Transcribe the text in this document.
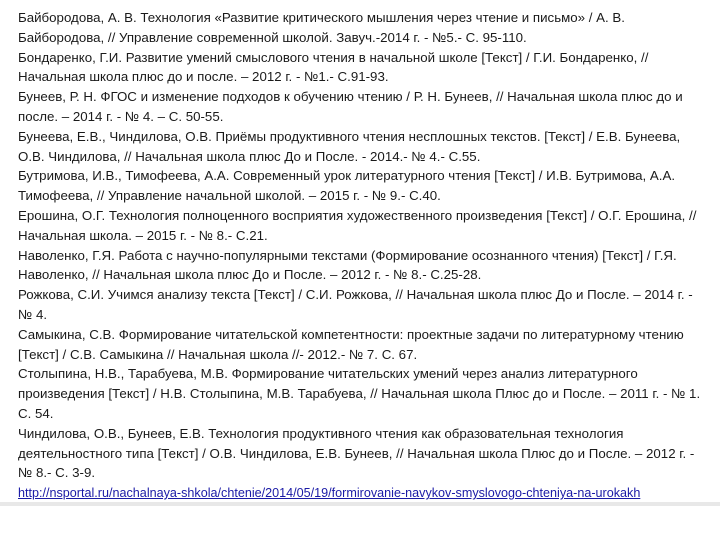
Байбородова, А. В. Технология «Развитие критического мышления через чтение и письмо» / А. В. Байбородова, // Управление современной школой. Завуч.-2014 г. - №5.- С. 95-110.

Бондаренко, Г.И. Развитие умений смыслового чтения в начальной школе [Текст] / Г.И. Бондаренко, // Начальная школа плюс до и после. – 2012 г. - №1.- С.91-93.

Бунеев, Р. Н. ФГОС и изменение подходов к обучению чтению / Р. Н. Бунеев, // Начальная школа плюс до и после. – 2014 г. - № 4. – С. 50-55.

Бунеева, Е.В., Чиндилова, О.В. Приёмы продуктивного чтения несплошных текстов. [Текст] / Е.В. Бунеева, О.В. Чиндилова, // Начальная школа плюс До и После. - 2014.- № 4.- С.55.

Бутримова, И.В., Тимофеева, А.А. Современный урок литературного чтения [Текст] / И.В. Бутримова, А.А. Тимофеева, // Управление начальной школой. – 2015 г. - № 9.- С.40.

Ерошина, О.Г. Технология полноценного восприятия художественного произведения [Текст] / О.Г. Ерошина, // Начальная школа. – 2015 г. - № 8.- С.21.

Наволенко, Г.Я. Работа с научно-популярными текстами (Формирование осознанного чтения) [Текст] / Г.Я. Наволенко, // Начальная школа плюс До и После. – 2012 г. - № 8.- С.25-28.

Рожкова, С.И. Учимся анализу текста [Текст] / С.И. Рожкова, // Начальная школа плюс До и После. – 2014 г. - № 4.

Самыкина, С.В. Формирование читательской компетентности: проектные задачи по литературному чтению [Текст] / С.В. Самыкина // Начальная школа //- 2012.- № 7. С. 67.

Столыпина, Н.В., Тарабуева, М.В. Формирование читательских умений через анализ литературного произведения [Текст] / Н.В. Столыпина, М.В. Тарабуева, // Начальная школа Плюс до и После. – 2011 г. - № 1. С. 54.

Чиндилова, О.В., Бунеев, Е.В. Технология продуктивного чтения как образовательная технология деятельностного типа [Текст] / О.В. Чиндилова, Е.В. Бунеев, // Начальная школа Плюс до и После. – 2012 г. - № 8.- С. 3-9.

http://nsportal.ru/nachalnaya-shkola/chtenie/2014/05/19/formirovanie-navykov-smyslovogo-chteniya-na-urokakh
